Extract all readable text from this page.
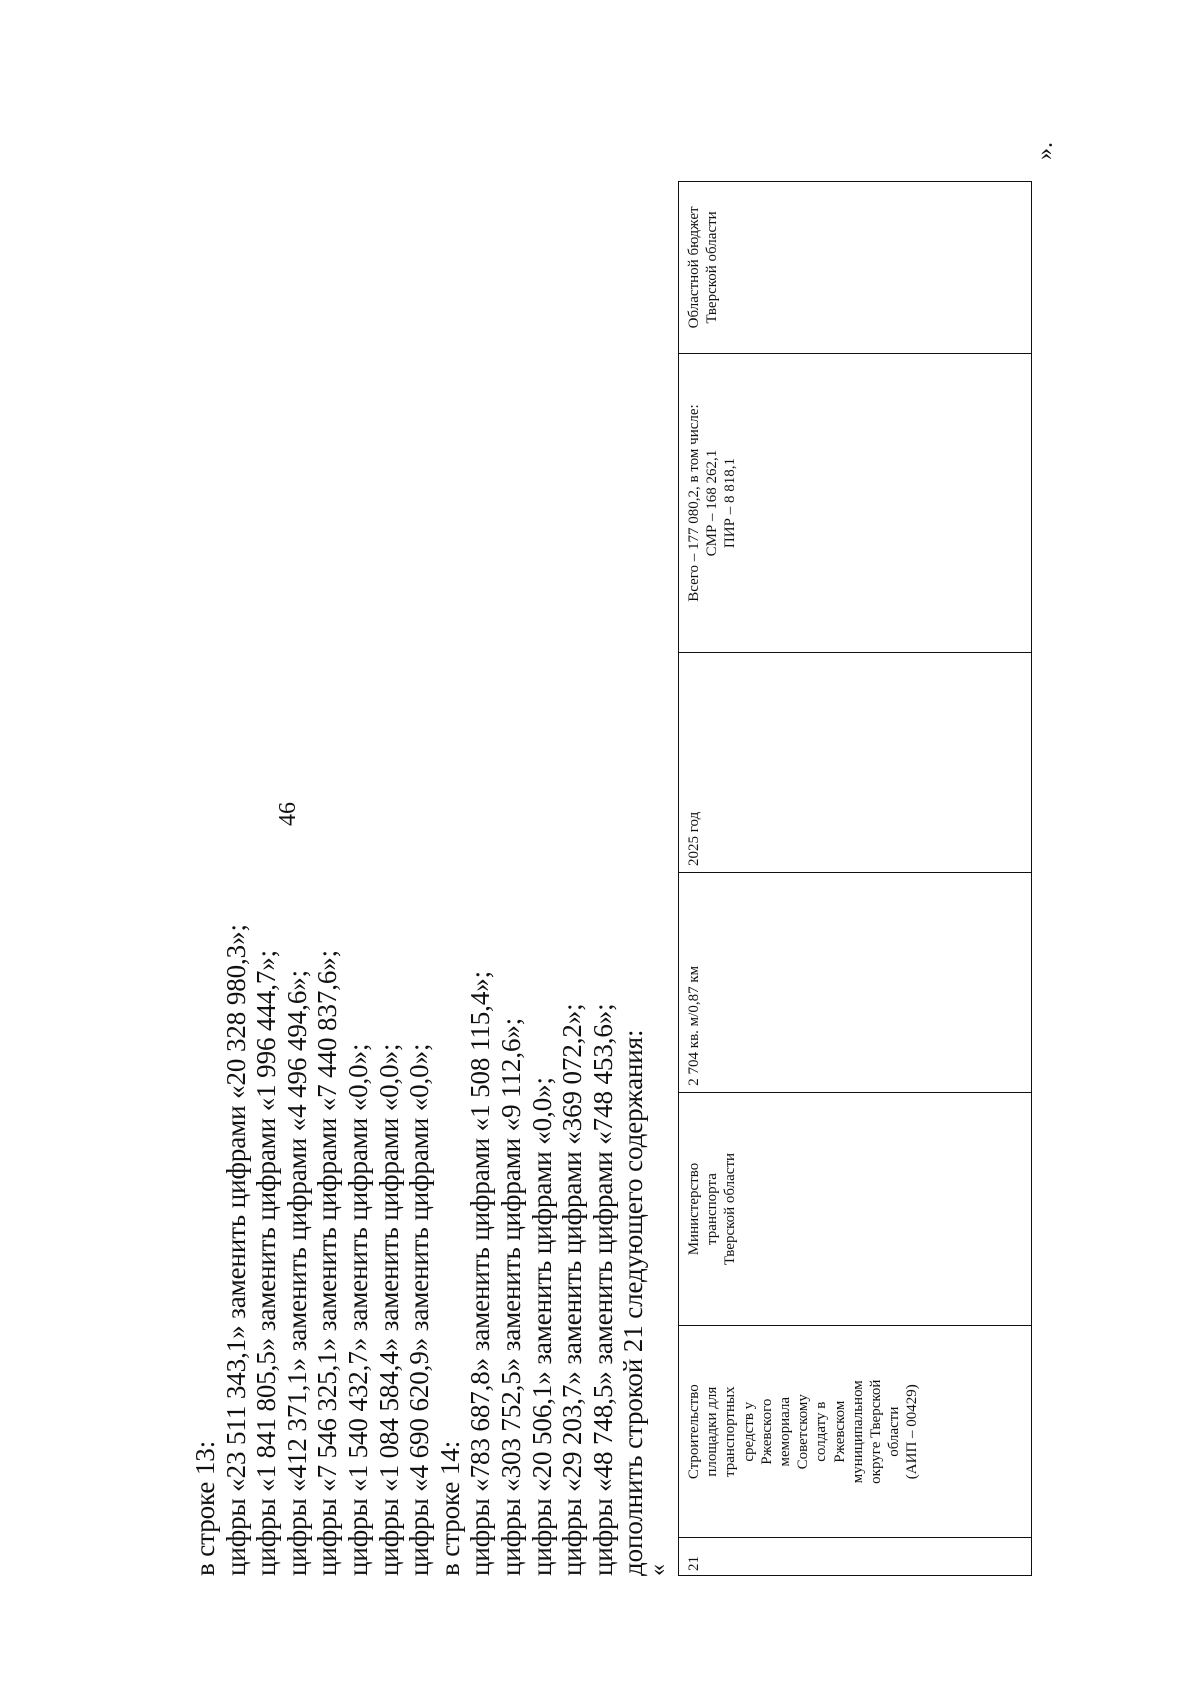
46
в строке 13: цифры «23 511 343,1» заменить цифрами «20 328 980,3»; цифры «1 841 805,5» заменить цифрами «1 996 444,7»; цифры «412 371,1» заменить цифрами «4 496 494,6»; цифры «7 546 325,1» заменить цифрами «7 440 837,6»; цифры «1 540 432,7» заменить цифрами «0,0»; цифры «1 084 584,4» заменить цифрами «0,0»; цифры «4 690 620,9» заменить цифрами «0,0»; в строке 14: цифры «783 687,8» заменить цифрами «1 508 115,4»; цифры «303 752,5» заменить цифрами «9 112,6»; цифры «20 506,1» заменить цифрами «0,0»; цифры «29 203,7» заменить цифрами «369 072,2»; цифры «48 748,5» заменить цифрами «748 453,6»; дополнить строкой 21 следующего содержания:
«	21
Строительство площадки для транспортных средств у Ржевского мемориала Советскому солдату в Ржевском муниципальном округе Тверской области (АИП – 00429)
Министерство транспорта Тверской области
2 704 кв. м/0,87 км
2025 год
Всего – 177 080,2, в том числе: СМР – 168 262,1 ПИР – 8 818,1
Областной бюджет Тверской области
».
